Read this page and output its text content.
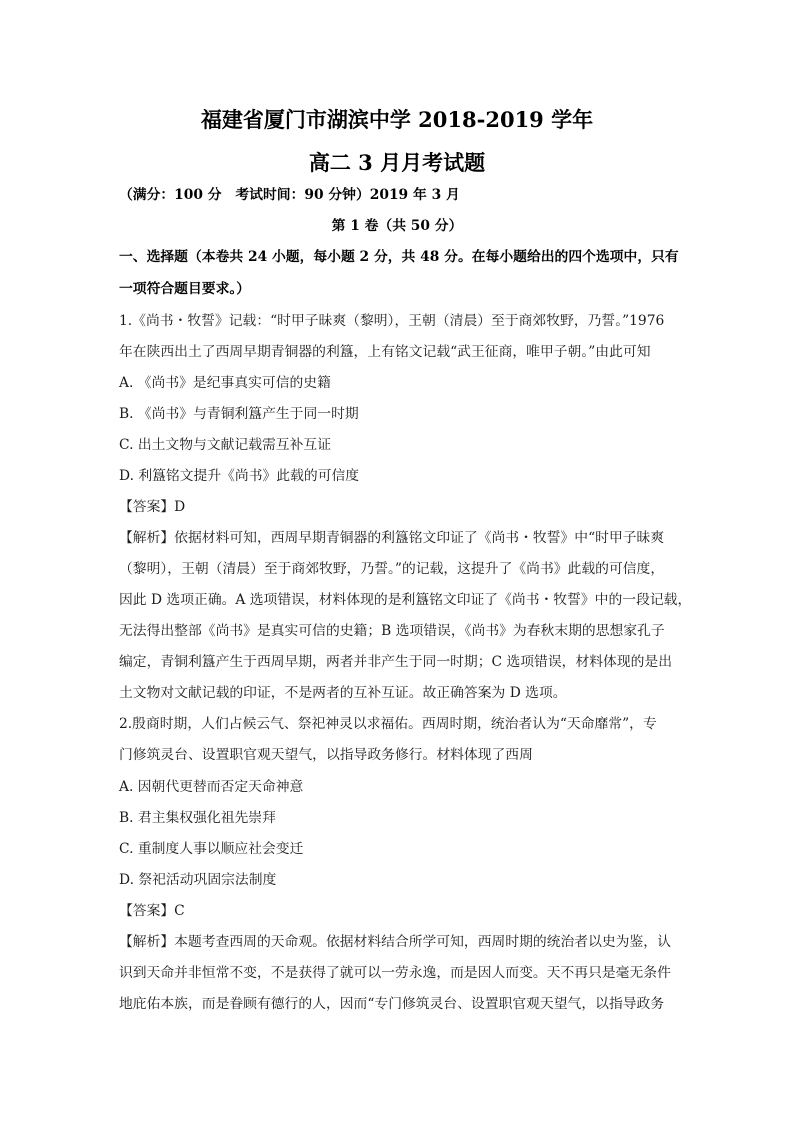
福建省厦门市湖滨中学 2018-2019 学年
高二 3 月月考试题
（满分：100 分　考试时间：90 分钟）2019 年 3 月
第 1 卷（共 50 分）
一、选择题（本卷共 24 小题，每小题 2 分，共 48 分。在每小题给出的四个选项中，只有
一项符合题目要求。）
1.《尚书・牧誓》记载：“时甲子昧爽（黎明），王朝（清晨）至于商郊牧野，乃誓。”1976
年在陕西出土了西周早期青铜器的利簋，上有铭文记载“武王征商，唯甲子朝。”由此可知
A. 《尚书》是纪事真实可信的史籍
B. 《尚书》与青铜利簋产生于同一时期
C. 出土文物与文献记载需互补互证
D. 利簋铭文提升《尚书》此载的可信度
【答案】D
【解析】依据材料可知，西周早期青铜器的利簋铭文印证了《尚书・牧誓》中“时甲子昧爽
（黎明），王朝（清晨）至于商郊牧野，乃誓。”的记载，这提升了《尚书》此载的可信度，
因此 D 选项正确。A 选项错误，材料体现的是利簋铭文印证了《尚书・牧誓》中的一段记载，
无法得出整部《尚书》是真实可信的史籍；B 选项错误，《尚书》为春秋末期的思想家孔子
编定，青铜利簋产生于西周早期，两者并非产生于同一时期；C 选项错误，材料体现的是出
土文物对文献记载的印证，不是两者的互补互证。故正确答案为 D 选项。
2.殷商时期，人们占候云气、祭祀神灵以求福佑。西周时期，统治者认为“天命靡常”，专
门修筑灵台、设置职官观天望气，以指导政务修行。材料体现了西周
A. 因朝代更替而否定天命神意
B. 君主集权强化祖先崇拜
C. 重制度人事以顺应社会变迁
D. 祭祀活动巩固宗法制度
【答案】C
【解析】本题考查西周的天命观。依据材料结合所学可知，西周时期的统治者以史为鉴，认
识到天命并非恒常不变，不是获得了就可以一劳永逸，而是因人而变。天不再只是毫无条件
地庇佑本族，而是眷顾有德行的人，因而“专门修筑灵台、设置职官观天望气，以指导政务
